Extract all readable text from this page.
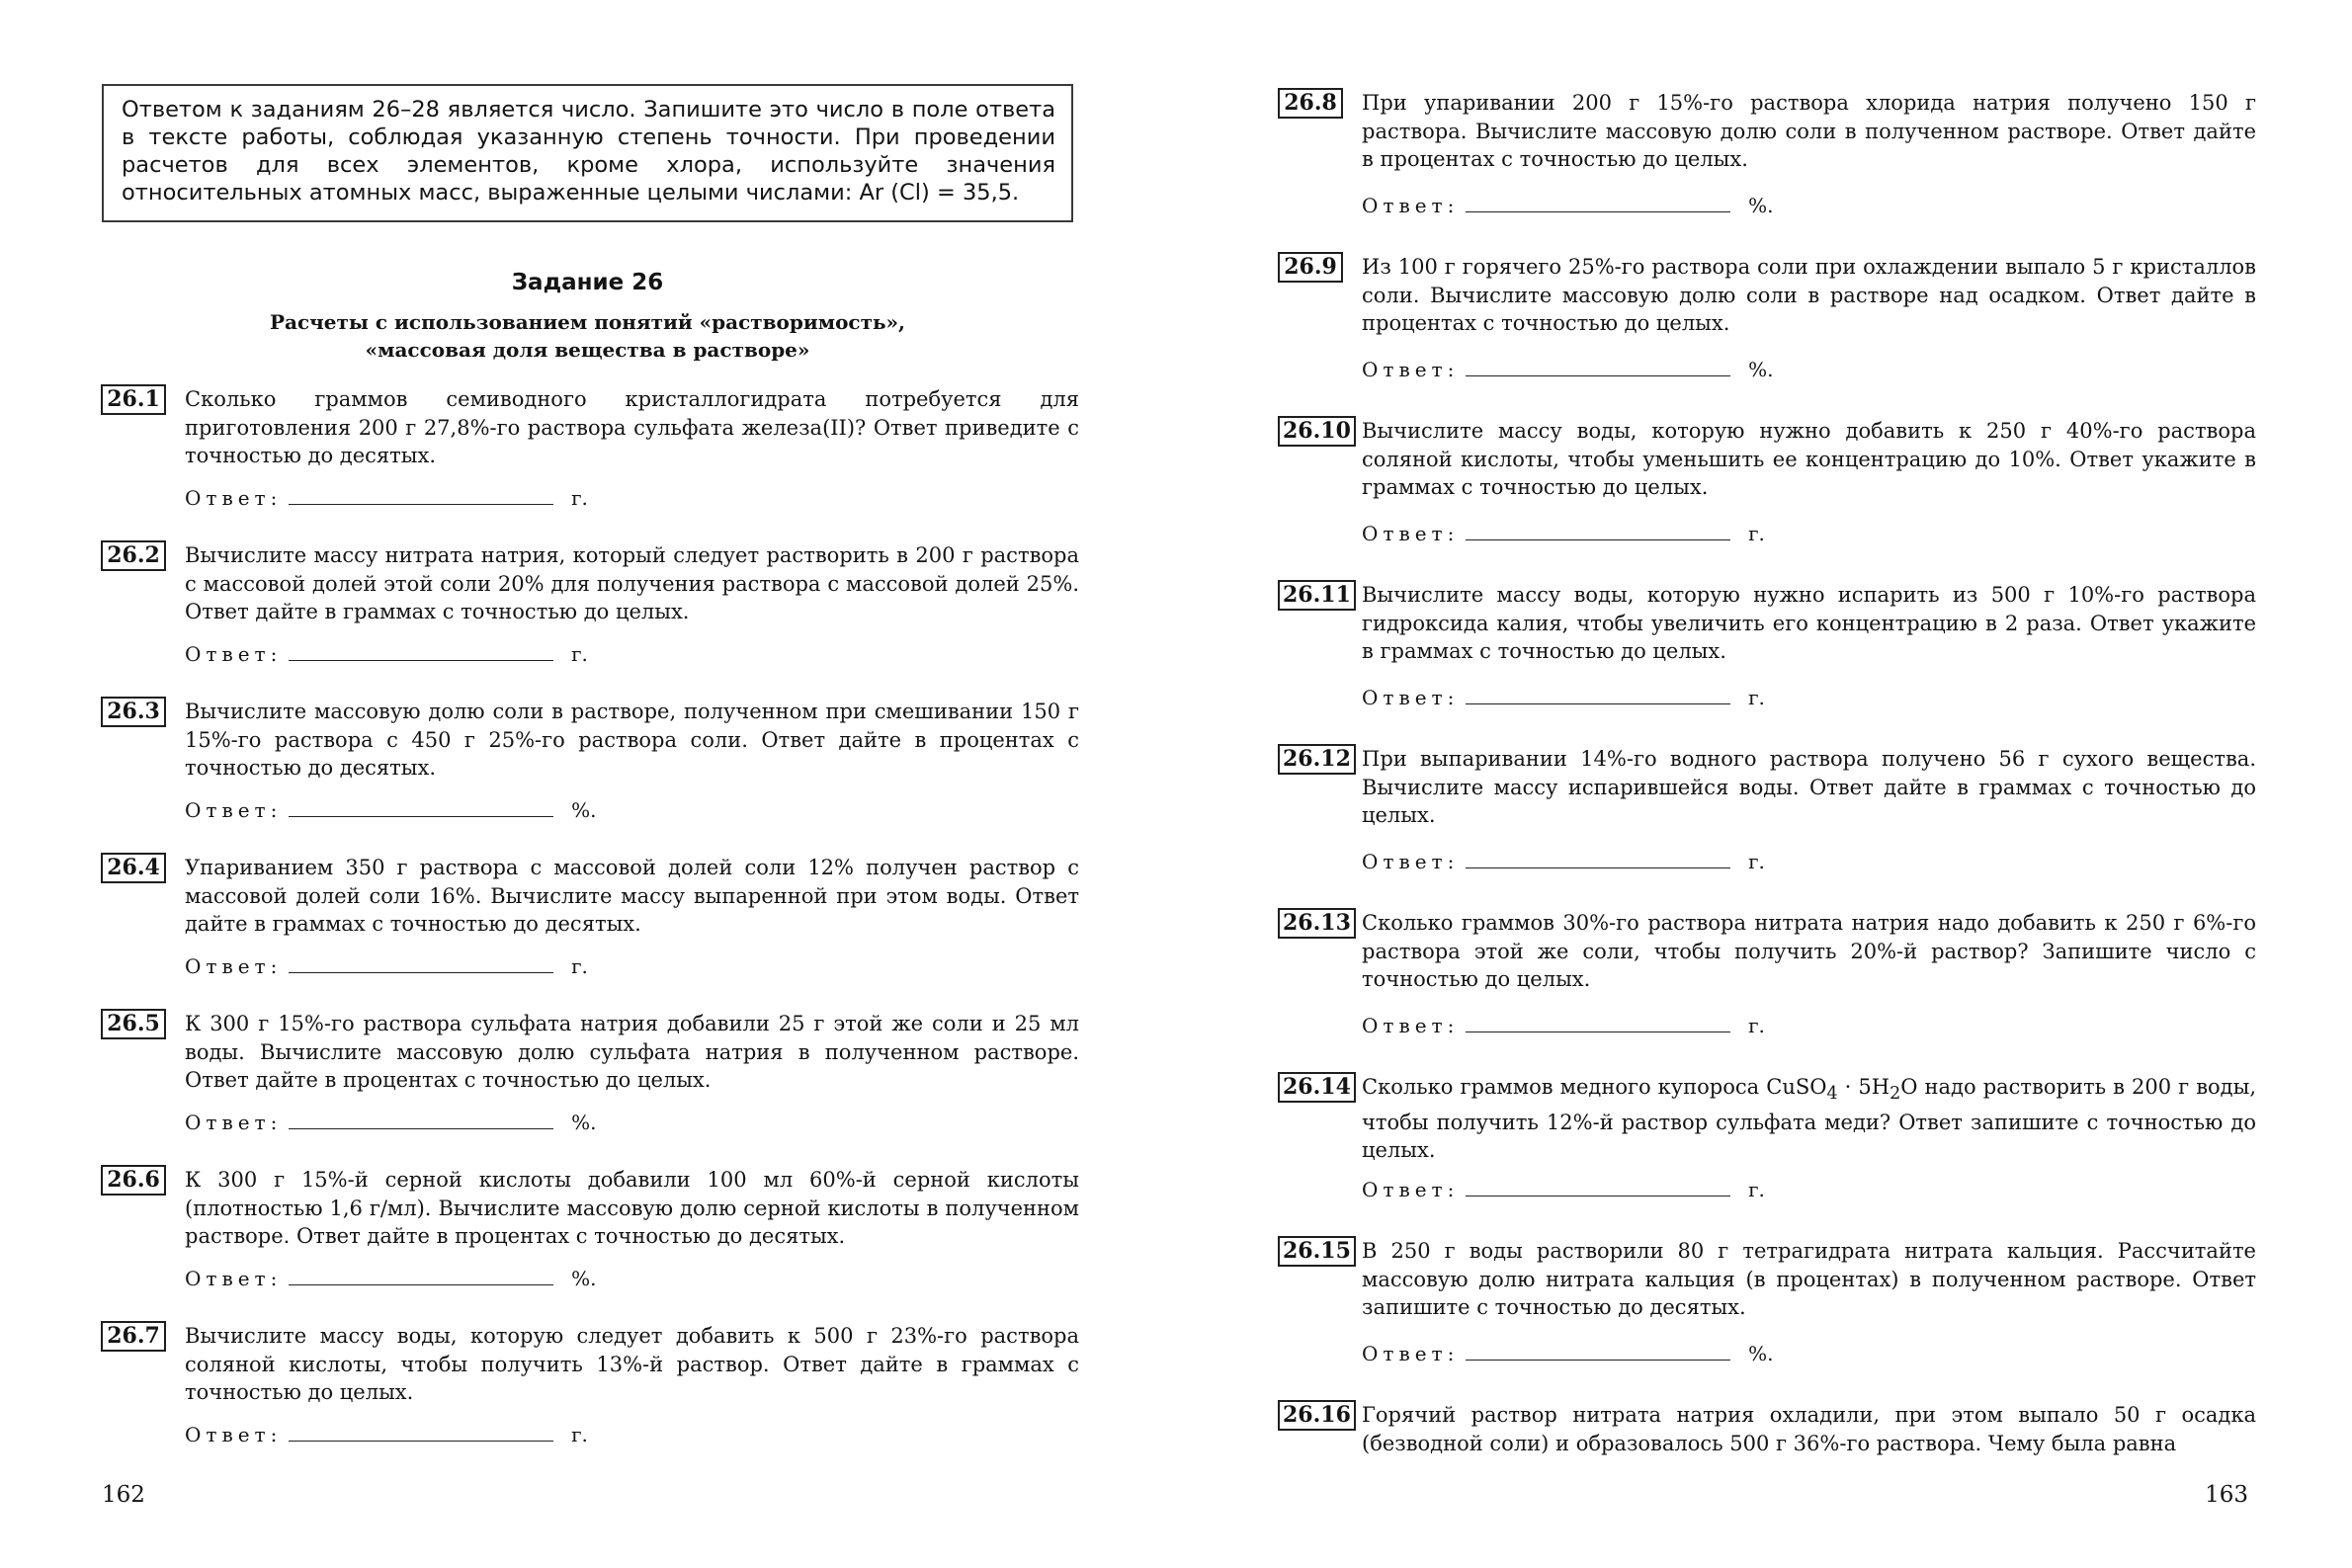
Ответом к заданиям 26–28 является число. Запишите это число в поле ответа в тексте работы, соблюдая указанную степень точности. При проведении расчетов для всех элементов, кроме хлора, используйте значения относительных атомных масс, выраженные целыми числами: Ar (Cl) = 35,5.
Задание 26
Расчеты с использованием понятий «растворимость»,
«массовая доля вещества в растворе»
26.1 Сколько граммов семиводного кристаллогидрата потребуется для приготовления 200 г 27,8%-го раствора сульфата железа(II)? Ответ приведите с точностью до десятых.
Ответ:	г.
26.2 Вычислите массу нитрата натрия, который следует растворить в 200 г раствора с массовой долей этой соли 20% для получения раствора с массовой долей 25%. Ответ дайте в граммах с точностью до целых.
Ответ:	г.
26.3 Вычислите массовую долю соли в растворе, полученном при смешивании 150 г 15%-го раствора с 450 г 25%-го раствора соли. Ответ дайте в процентах с точностью до десятых.
Ответ:	%.
26.4 Упариванием 350 г раствора с массовой долей соли 12% получен раствор с массовой долей соли 16%. Вычислите массу выпаренной при этом воды. Ответ дайте в граммах с точностью до десятых.
Ответ:	г.
26.5 К 300 г 15%-го раствора сульфата натрия добавили 25 г этой же соли и 25 мл воды. Вычислите массовую долю сульфата натрия в полученном растворе. Ответ дайте в процентах с точностью до целых.
Ответ:	%.
26.6 К 300 г 15%-й серной кислоты добавили 100 мл 60%-й серной кислоты (плотностью 1,6 г/мл). Вычислите массовую долю серной кислоты в полученном растворе. Ответ дайте в процентах с точностью до десятых.
Ответ:	%.
26.7 Вычислите массу воды, которую следует добавить к 500 г 23%-го раствора соляной кислоты, чтобы получить 13%-й раствор. Ответ дайте в граммах с точностью до целых.
Ответ:	г.
162
26.8 При упаривании 200 г 15%-го раствора хлорида натрия получено 150 г раствора. Вычислите массовую долю соли в полученном растворе. Ответ дайте в процентах с точностью до целых.
Ответ:	%.
26.9 Из 100 г горячего 25%-го раствора соли при охлаждении выпало 5 г кристаллов соли. Вычислите массовую долю соли в растворе над осадком. Ответ дайте в процентах с точностью до целых.
Ответ:	%.
26.10 Вычислите массу воды, которую нужно добавить к 250 г 40%-го раствора соляной кислоты, чтобы уменьшить ее концентрацию до 10%. Ответ укажите в граммах с точностью до целых.
Ответ:	г.
26.11 Вычислите массу воды, которую нужно испарить из 500 г 10%-го раствора гидроксида калия, чтобы увеличить его концентрацию в 2 раза. Ответ укажите в граммах с точностью до целых.
Ответ:	г.
26.12 При выпаривании 14%-го водного раствора получено 56 г сухого вещества. Вычислите массу испарившейся воды. Ответ дайте в граммах с точностью до целых.
Ответ:	г.
26.13 Сколько граммов 30%-го раствора нитрата натрия надо добавить к 250 г 6%-го раствора этой же соли, чтобы получить 20%-й раствор? Запишите число с точностью до целых.
Ответ:	г.
26.14 Сколько граммов медного купороса CuSO$_4$ · $5H_2O$ надо растворить в 200 г воды, чтобы получить 12%-й раствор сульфата меди? Ответ запишите с точностью до целых.
Ответ:	г.
26.15 В 250 г воды растворили 80 г тетрагидрата нитрата кальция. Рассчитайте массовую долю нитрата кальция (в процентах) в полученном растворе. Ответ запишите с точностью до десятых.
Ответ:	%.
26.16 Горячий раствор нитрата натрия охладили, при этом выпало 50 г осадка (безводной соли) и образовалось 500 г 36%-го раствора. Чему была равна
163
